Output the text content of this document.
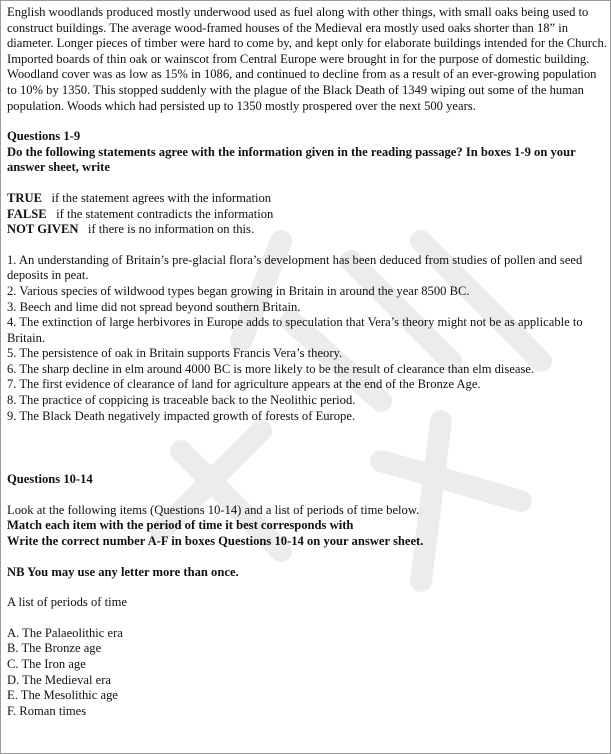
English woodlands produced mostly underwood used as fuel along with other things, with small oaks being used to construct buildings. The average wood-framed houses of the Medieval era mostly used oaks shorter than 18” in diameter. Longer pieces of timber were hard to come by, and kept only for elaborate buildings intended for the Church. Imported boards of thin oak or wainscot from Central Europe were brought in for the purpose of domestic building. Woodland cover was as low as 15% in 1086, and continued to decline from as a result of an ever-growing population to 10% by 1350. This stopped suddenly with the plague of the Black Death of 1349 wiping out some of the human population. Woods which had persisted up to 1350 mostly prospered over the next 500 years.

Questions 1-9

Do the following statements agree with the information given in the reading passage? In boxes 1-9 on your answer sheet, write

TRUE if the statement agrees with the information
FALSE if the statement contradicts the information
NOT GIVEN if there is no information on this.

1. An understanding of Britain’s pre-glacial flora’s development has been deduced from studies of pollen and seed deposits in peat.

2. Various species of wildwood types began growing in Britain in around the year 8500 BC.

3. Beech and lime did not spread beyond southern Britain.

4. The extinction of large herbivores in Europe adds to speculation that Vera’s theory might not be as applicable to Britain.

5. The persistence of oak in Britain supports Francis Vera’s theory.

6. The sharp decline in elm around 4000 BC is more likely to be the result of clearance than elm disease.

7. The first evidence of clearance of land for agriculture appears at the end of the Bronze Age.

8. The practice of coppicing is traceable back to the Neolithic period.

9. The Black Death negatively impacted growth of forests of Europe.

Questions 10-14

Look at the following items (Questions 10-14) and a list of periods of time below.

Match each item with the period of time it best corresponds with

Write the correct number A-F in boxes Questions 10-14 on your answer sheet.

NB You may use any letter more than once.

A list of periods of time

A. The Palaeolithic era

B. The Bronze age

C. The Iron age

D. The Medieval era

E. The Mesolithic age

F. Roman times
